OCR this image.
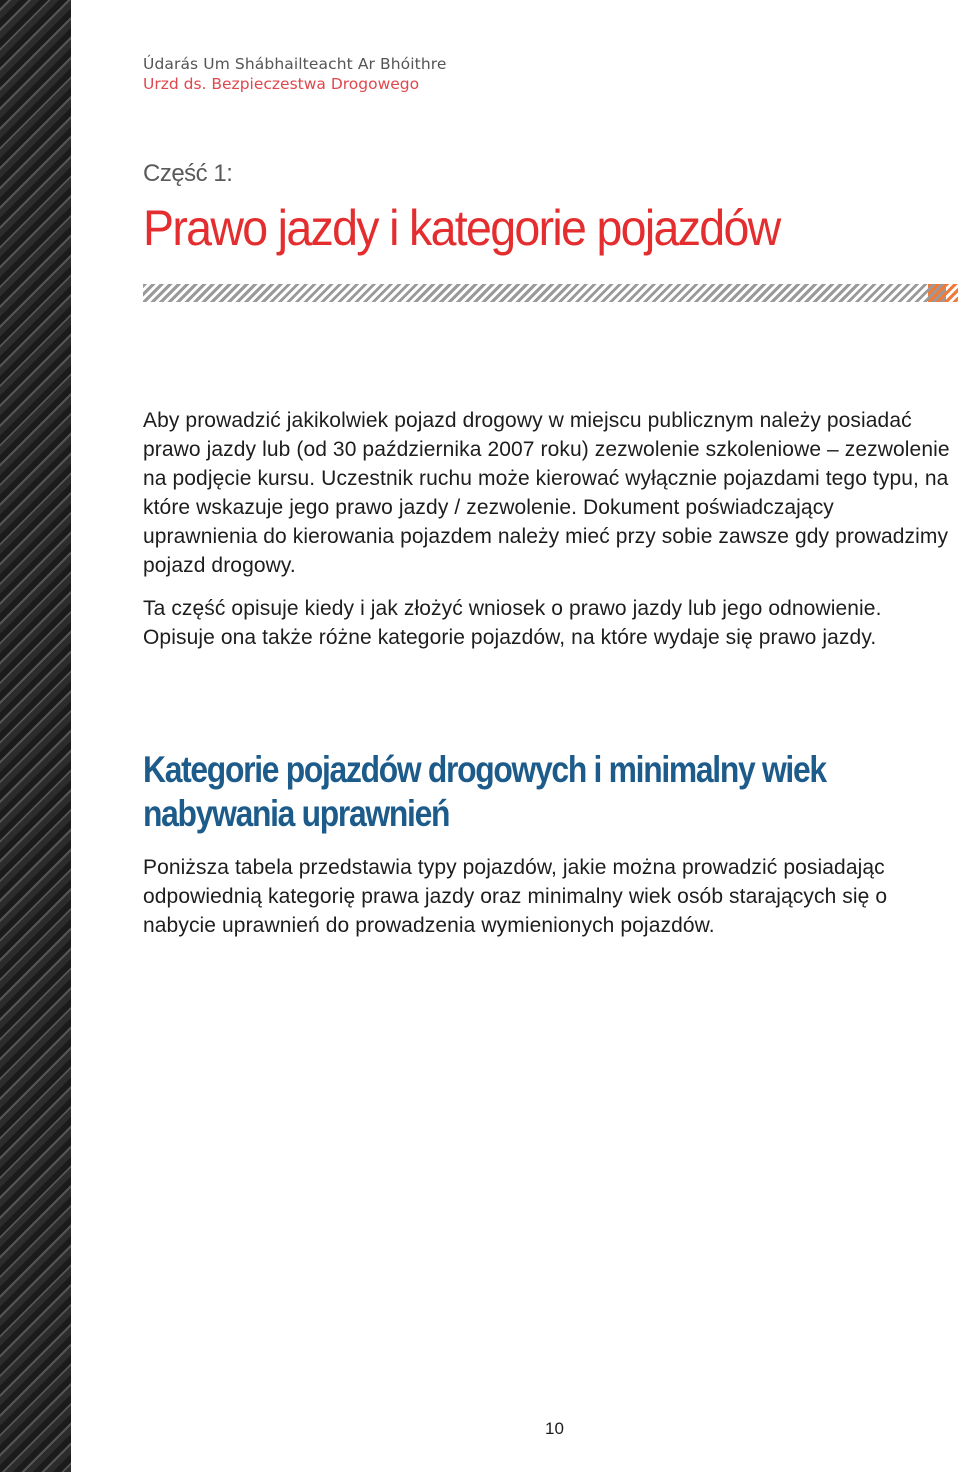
Údarás Um Shábhailteacht Ar Bhóithre
Urzd ds. Bezpieczestwa Drogowego
Część 1:
Prawo jazdy i kategorie pojazdów

Aby prowadzić jakikolwiek pojazd drogowy w miejscu publicznym należy posiadać prawo jazdy lub (od 30 października 2007 roku) zezwolenie szkoleniowe – zezwolenie na podjęcie kursu. Uczestnik ruchu może kierować wyłącznie pojazdami tego typu, na które wskazuje jego prawo jazdy / zezwolenie. Dokument poświadczający uprawnienia do kierowania pojazdem należy mieć przy sobie zawsze gdy prowadzimy pojazd drogowy.

Ta część opisuje kiedy i jak złożyć wniosek o prawo jazdy lub jego odnowienie. Opisuje ona także różne kategorie pojazdów, na które wydaje się prawo jazdy.

Kategorie pojazdów drogowych i minimalny wiek nabywania uprawnień

Poniższa tabela przedstawia typy pojazdów, jakie można prowadzić posiadając odpowiednią kategorię prawa jazdy oraz minimalny wiek osób starających się o nabycie uprawnień do prowadzenia wymienionych pojazdów.

10
